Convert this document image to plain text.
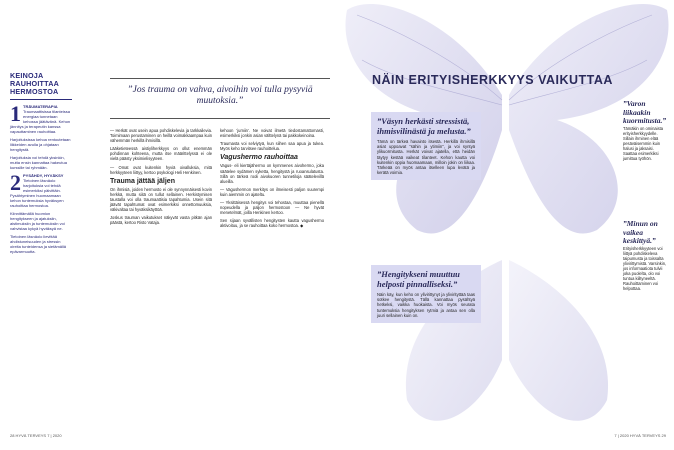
KEINOJA RAUHOITTAA HERMOSTOA
1 TRÄUMATERAPIA

Traumaattisissa tilanteissa energiaa tunnetaan kehossa jäätävänä. Kehon jännitys ja terapeutin kanssa vapauttaminen rauhoittaa.

Harjoituksissa kehoa rentoutetaan liikkeiden avulla ja ohjataan hengitystä.

Harjoituksia voi tehdä yksinkin, mutta ensin kannattaa hakeutua kurssille tai ryhmään.

2 PYSÄHDY, HYVÄKSY

Tietoinen läsnäolo harjoituksia voi tehdä esimerkiksi päivittäin. Pysähtyminen huomaamaan kehon tuntemuksia hyväksyen rauhoittaa hermostoa.

Kiinnittämällä huomion hengitykseen ja ajatuksiin, aistimuksiin ja tuntemuksiin voi vahvistaa kykyä hyväksyä ne.

Tietoinen läsnäolo lievittää ahdistuneisuuden ja stressin oireita tunteidensa ja sietämällä epävarmuutta.

”Jos trauma on vahva, aivoihin voi tulla pysyviä muutoksia.”

— Herkät ovat usein apua pohdiskelevia ja tarkkailevia. Toimimaan perustaminen on heillä voimakkaampaa kuin vähemmän herkillä ihmisillä.

Lääketieteessä aistiyliherkkyys on ollut enemmän pohdinnan kohteena, mutta itse määrittelyssä ei ole vielä päästy yksimielisyyteen.

— Omat ovat kuitenkin hyviä oivalluksia, mitä herkkyyteen liittyy, kertoo psykologi Heli Henkinen.

Trauma jättää jäljen

On ihmisiä, joiden hermosto ei ole synnynnäisesti kovin herkkä, mutta siitä on tullut sellainen. Herkistymisen taustalla voi olla traumaattisia tapahtumia. Usein sitä jäävät tapahtumat ovat esimerkiksi onnettomuuksia, väkivaltaa tai hyväksikäyttöä.

Joskus trauman vaikutukset näkyvät vasta pitkän ajan päästä, kertoo Risto Vataja.

kehoon ’jumiin’. Ne voivat ilmetä tiedostamattomasti, esimerkiksi jonkin asian välttelynä tai pakkokeinoina.

Traumasta voi selviytyä, kun siihen saa apua ja tukea. Myös keho tarvitsee rauhoittelua.

Vagushermo rauhoittaa

Vagus- eli kiertäjähermo on kymmenes aivohermo, joka säätelee sydämen syketta, hengitystä ja ruoansulatusta. Sillä on tärkeä rooli aivokuoren tunnetiloja säätelevillä alueilla.

— Vagushermon merkitys on ilmeisesti paljon suurempi kuin aiemmin on ajateltu.

— Yksittäisessä hengitys voi tehostaa, muuttaa pienellä nopeudella ja paljon hermostoon — Ne hyvät menetelmät, joilla Henkinen kertoo.

Sen sijaan syvällisten hengitysten kautta vagushermo aktivoituu, ja se rauhoittaa koko hermostoa. ◆

28 HYVÄ TERVEYS 7 | 2020
NÄIN ERITYISHERKKYYS VAIKUTTAA
”Väsyn herkästi stressistä, ihmisvilinästä ja melusta.”
Tämä on tärkeä havainto itsestä. Herkillä ihmisillä asiat uppoavat ”sähin ja ytimiin”, ja voi syntyä ylikuormitusta. Herkät voivat ajatella, että heidän täytyy kestää vaikeat tilanteet. Kehon kautta voi kuitenkin oppia huomaamaan, milloin jokin on liikaa. Tärkeää on myös antaa itselleen lupa levätä ja kerätä voimia.
”Hengitykseni muuttuu helposti pinnalliseksi.”
Näin käy, kun keho on ylivirittynyt ja ylivirityttää taas sotkee hengitystä. Tällä kannattaa pysähtyä hetkeksi, vaikka huokaista. Voi myös seurata tuntemuksia hengityksen rytmiä ja antaa sen olla juuri sellainen kuin on.
”Varon liikaakin kuormitusta.”
Tämäkin on ominaista erityisherkkyydelle. Sillain ihminen elää pesäväisemmin kuin halusi ja jaksaisi. Saattaa esimerkiksi jumittua työhön.
”Minun on vaikea keskittyä.”
Erityisherkkyyteen voi liittyä pohdiskeleva taipumusta ja toissalta ylivirittymistä. Varsinkin, jos informaatiota tulvii joka puolelta, olo voi tuntua kiiltyneeltä. Rauhoittaminen voi helpottaa.
7 | 2020 HYVÄ TERVEYS 29
